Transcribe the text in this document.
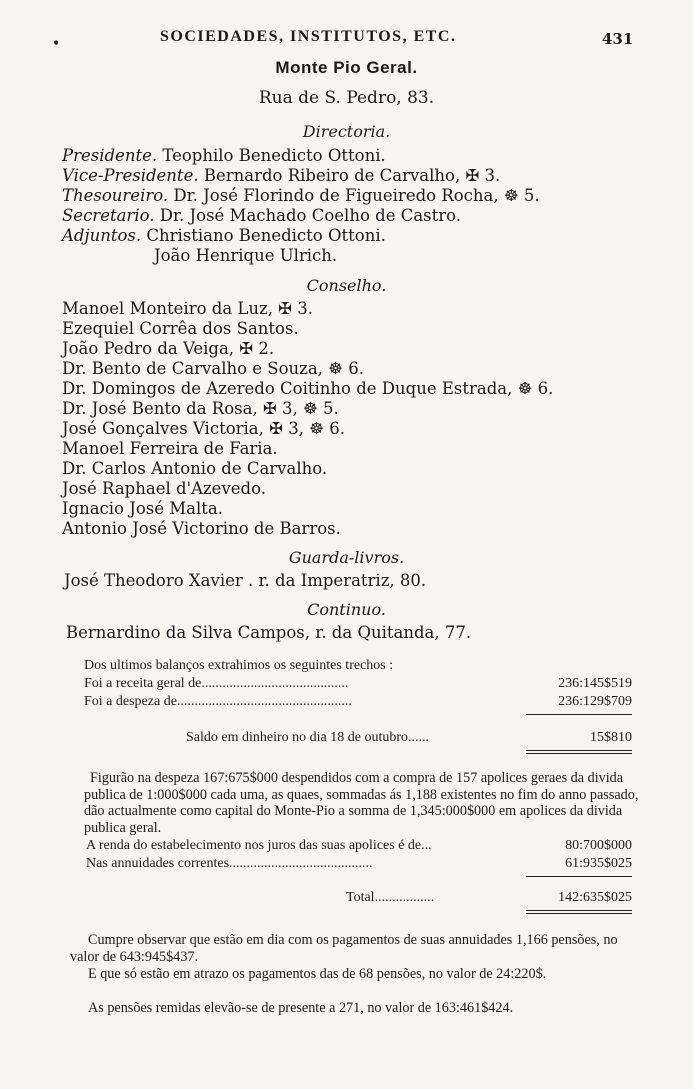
•	SOCIEDADES, INSTITUTOS, ETC.	431
Monte Pio Geral.
Rua de S. Pedro, 83.
Directoria.
Presidente. Teophilo Benedicto Ottoni.
Vice-Presidente. Bernardo Ribeiro de Carvalho, ✠ 3.
Thesoureiro. Dr. José Florindo de Figueiredo Rocha, ☸ 5.
Secretario. Dr. José Machado Coelho de Castro.
Adjuntos. Christiano Benedicto Ottoni.
João Henrique Ulrich.
Conselho.
Manoel Monteiro da Luz, ✠ 3.
Ezequiel Corrêa dos Santos.
João Pedro da Veiga, ✠ 2.
Dr. Bento de Carvalho e Souza, ☸ 6.
Dr. Domingos de Azeredo Coitinho de Duque Estrada, ☸ 6.
Dr. José Bento da Rosa, ✠ 3, ☸ 5.
José Gonçalves Victoria, ✠ 3, ☸ 6.
Manoel Ferreira de Faria.
Dr. Carlos Antonio de Carvalho.
José Raphael d'Azevedo.
Ignacio José Malta.
Antonio José Victorino de Barros.
Guarda-livros.
José Theodoro Xavier . r. da Imperatriz, 80.
Continuo.
Bernardino da Silva Campos, r. da Quitanda, 77.
Dos ultimos balanços extrahimos os seguintes trechos :
Foi a receita geral de..........................................	236:145$519
Foi a despeza de..................................................	236:129$709
Saldo em dinheiro no dia 18 de outubro......	15$810
Figurão na despeza 167:675$000 despendidos com a compra de 157 apolices geraes da divida publica de 1:000$000 cada uma, as quaes, sommadas ás 1,188 existentes no fim do anno passado, dão actualmente como capital do Monte-Pio a somma de 1,345:000$000 em apolices da divida publica geral.
A renda do estabelecimento nos juros das suas apolices é de...	80:700$000
Nas annuidades correntes.........................................	61:935$025
Total.................	142:635$025
Cumpre observar que estão em dia com os pagamentos de suas annuidades 1,166 pensões, no valor de 643:945$437.
E que só estão em atrazo os pagamentos das de 68 pensões, no valor de 24:220$.
As pensões remidas elevão-se de presente a 271, no valor de 163:461$424.
